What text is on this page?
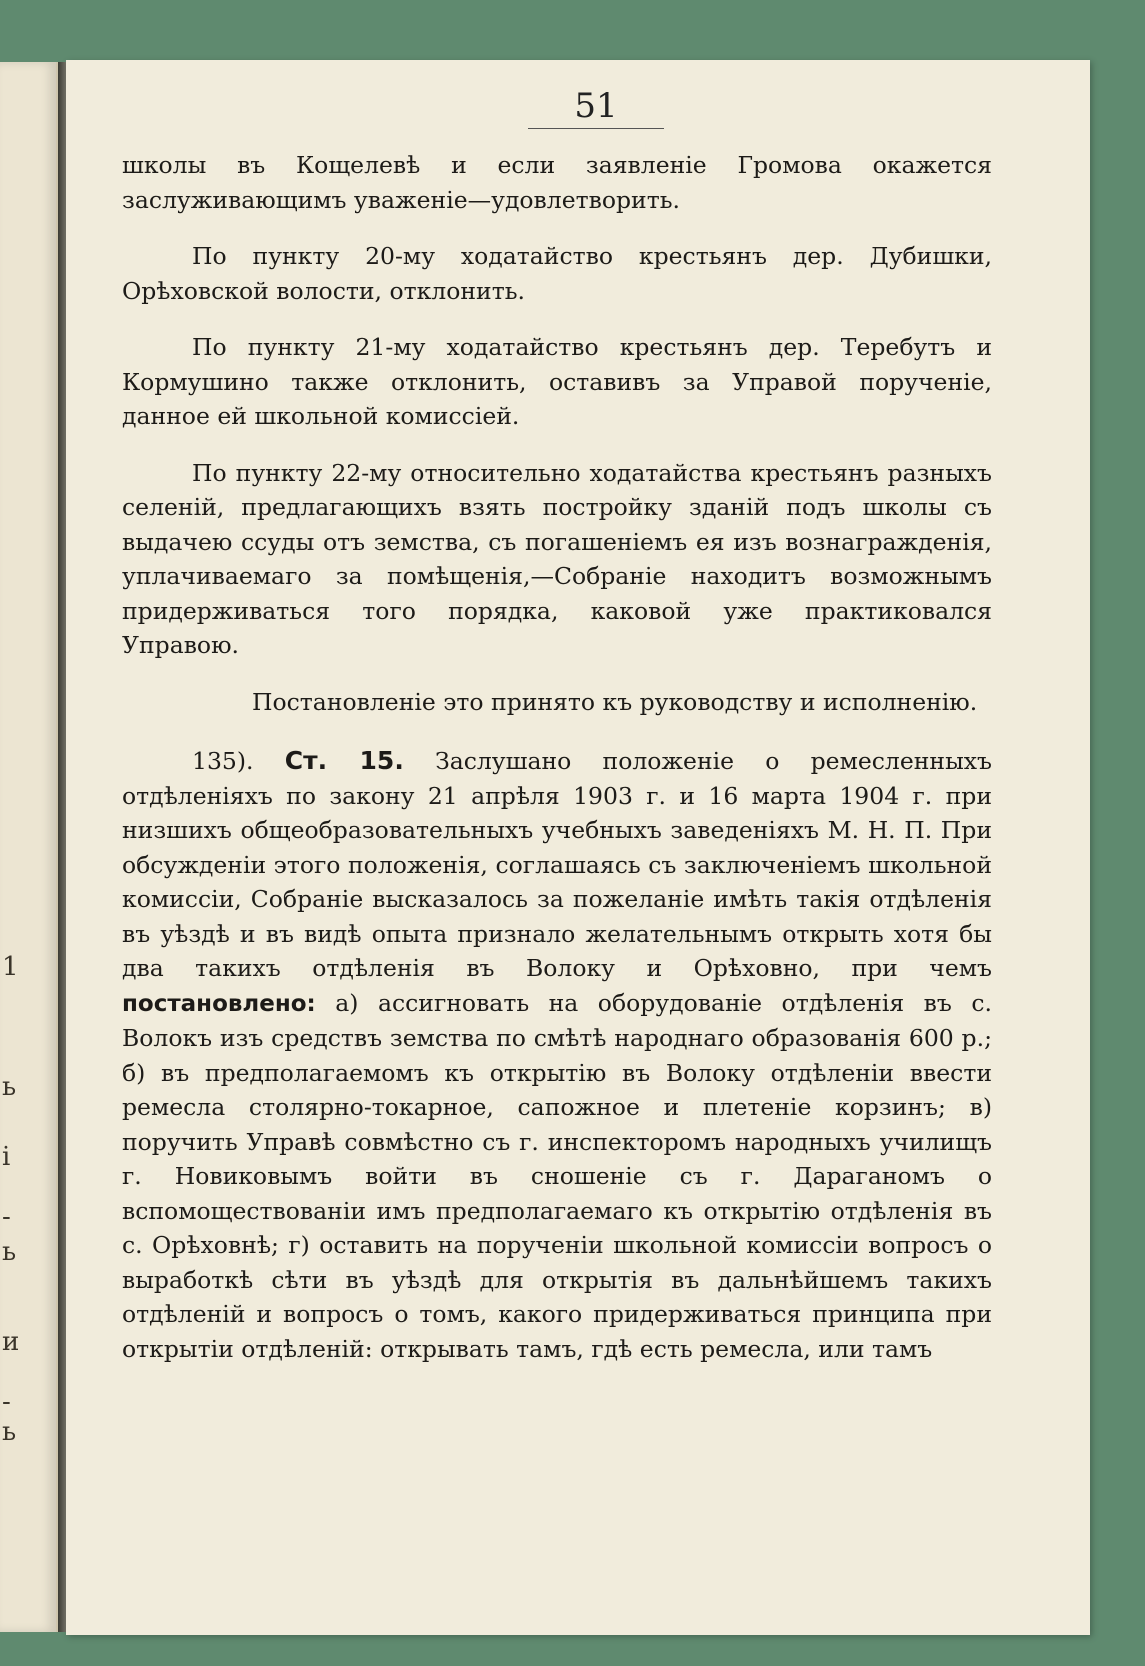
1
ь
і
-
ь
и
-
ь
51

школы въ Кощелевѣ и если заявленіе Громова окажется заслуживающимъ уваженіе—удовлетворить.

По пункту 20-му ходатайство крестьянъ дер. Дубишки, Орѣховской волости, отклонить.

По пункту 21-му ходатайство крестьянъ дер. Теребутъ и Кормушино также отклонить, оставивъ за Управой порученіе, данное ей школьной комиссіей.

По пункту 22-му относительно ходатайства крестьянъ разныхъ селеній, предлагающихъ взять постройку зданій подъ школы съ выдачею ссуды отъ земства, съ погашеніемъ ея изъ вознагражденія, уплачиваемаго за помѣщенія,—Собраніе находитъ возможнымъ придерживаться того порядка, каковой уже практиковался Управою.

Постановленіе это принято къ руководству и исполненію.

135). Ст. 15. Заслушано положеніе о ремесленныхъ отдѣленіяхъ по закону 21 апрѣля 1903 г. и 16 марта 1904 г. при низшихъ общеобразовательныхъ учебныхъ заведеніяхъ М. Н. П. При обсужденіи этого положенія, соглашаясь съ заключеніемъ школьной комиссіи, Собраніе высказалось за пожеланіе имѣть такія отдѣленія въ уѣздѣ и въ видѣ опыта признало желательнымъ открыть хотя бы два такихъ отдѣленія въ Волоку и Орѣховно, при чемъ постановлено: а) ассигновать на оборудованіе отдѣленія въ с. Волокъ изъ средствъ земства по смѣтѣ народнаго образованія 600 р.; б) въ предполагаемомъ къ открытію въ Волоку отдѣленіи ввести ремесла столярно-токарное, сапожное и плетеніе корзинъ; в) поручить Управѣ совмѣстно съ г. инспекторомъ народныхъ училищъ г. Новиковымъ войти въ сношеніе съ г. Дараганомъ о вспомоществованіи имъ предполагаемаго къ открытію отдѣленія въ с. Орѣховнѣ; г) оставить на порученіи школьной комиссіи вопросъ о выработкѣ сѣти въ уѣздѣ для открытія въ дальнѣйшемъ такихъ отдѣленій и вопросъ о томъ, какого придерживаться принципа при открытіи отдѣленій: открывать тамъ, гдѣ есть ремесла, или тамъ
